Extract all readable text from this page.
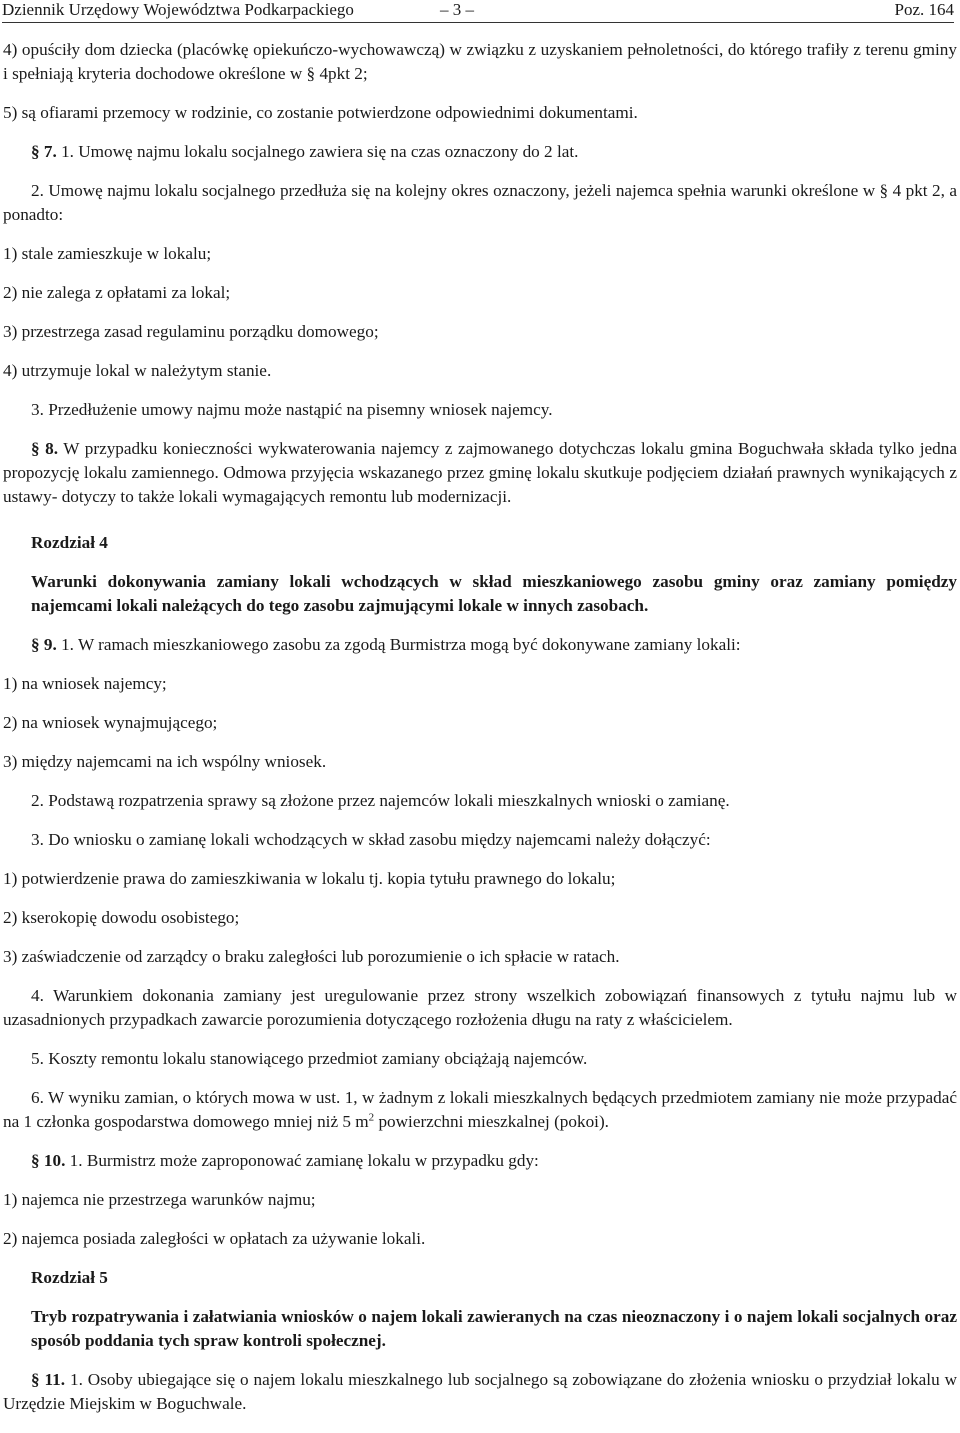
Dziennik Urzędowy Województwa Podkarpackiego	– 3 –	Poz. 164

4) opuściły dom dziecka (placówkę opiekuńczo-wychowawczą) w związku z uzyskaniem pełnoletności, do którego trafiły z terenu gminy i spełniają kryteria dochodowe określone w § 4pkt 2;

5) są ofiarami przemocy w rodzinie, co zostanie potwierdzone odpowiednimi dokumentami.

§ 7. 1. Umowę najmu lokalu socjalnego zawiera się na czas oznaczony do 2 lat.

2. Umowę najmu lokalu socjalnego przedłuża się na kolejny okres oznaczony, jeżeli najemca spełnia warunki określone w § 4 pkt 2, a ponadto:

1) stale zamieszkuje w lokalu;

2) nie zalega z opłatami za lokal;

3) przestrzega zasad regulaminu porządku domowego;

4) utrzymuje lokal w należytym stanie.

3. Przedłużenie umowy najmu może nastąpić na pisemny wniosek najemcy.

§ 8. W przypadku konieczności wykwaterowania najemcy z zajmowanego dotychczas lokalu gmina Boguchwała składa tylko jedna propozycję lokalu zamiennego. Odmowa przyjęcia wskazanego przez gminę lokalu skutkuje podjęciem działań prawnych wynikających z ustawy- dotyczy to także lokali wymagających remontu lub modernizacji.

Rozdział 4

Warunki dokonywania zamiany lokali wchodzących w skład mieszkaniowego zasobu gminy oraz zamiany pomiędzy najemcami lokali należących do tego zasobu zajmującymi lokale w innych zasobach.

§ 9. 1. W ramach mieszkaniowego zasobu za zgodą Burmistrza mogą być dokonywane zamiany lokali:

1) na wniosek najemcy;

2) na wniosek wynajmującego;

3) między najemcami na ich wspólny wniosek.

2. Podstawą rozpatrzenia sprawy są złożone przez najemców lokali mieszkalnych wnioski o zamianę.

3. Do wniosku o zamianę lokali wchodzących w skład zasobu między najemcami należy dołączyć:

1) potwierdzenie prawa do zamieszkiwania w lokalu tj. kopia tytułu prawnego do lokalu;

2) kserokopię dowodu osobistego;

3) zaświadczenie od zarządcy o braku zaległości lub porozumienie o ich spłacie w ratach.

4. Warunkiem dokonania zamiany jest uregulowanie przez strony wszelkich zobowiązań finansowych z tytułu najmu lub w uzasadnionych przypadkach zawarcie porozumienia dotyczącego rozłożenia długu na raty z właścicielem.

5. Koszty remontu lokalu stanowiącego przedmiot zamiany obciążają najemców.

6. W wyniku zamian, o których mowa w ust. 1, w żadnym z lokali mieszkalnych będących przedmiotem zamiany nie może przypadać na 1 członka gospodarstwa domowego mniej niż 5 $m^2$ powierzchni mieszkalnej (pokoi).

§ 10. 1. Burmistrz może zaproponować zamianę lokalu w przypadku gdy:

1) najemca nie przestrzega warunków najmu;

2) najemca posiada zaległości w opłatach za używanie lokali.

Rozdział 5

Tryb rozpatrywania i załatwiania wniosków o najem lokali zawieranych na czas nieoznaczony i o najem lokali socjalnych oraz sposób poddania tych spraw kontroli społecznej.

§ 11. 1. Osoby ubiegające się o najem lokalu mieszkalnego lub socjalnego są zobowiązane do złożenia wniosku o przydział lokalu w Urzędzie Miejskim w Boguchwale.
